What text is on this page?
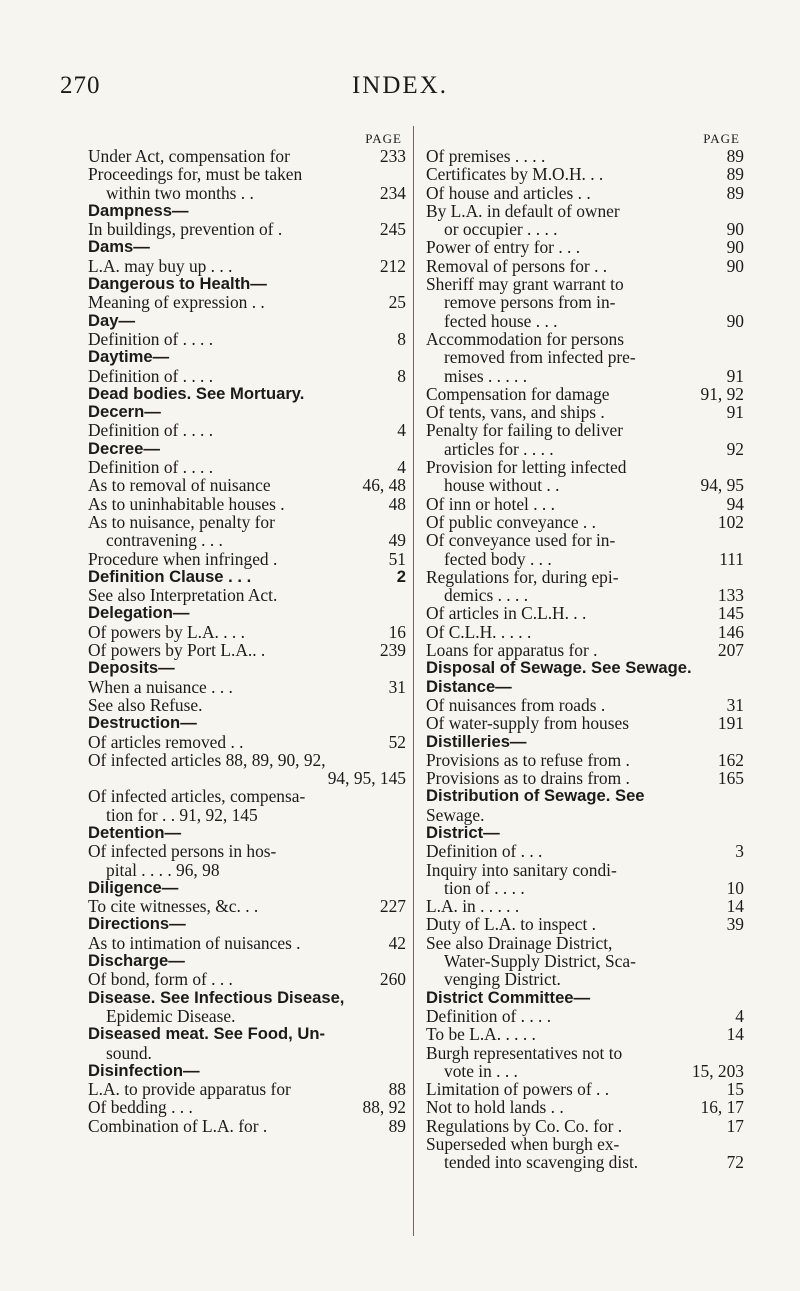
270	INDEX.
PAGE
Under Act, compensation for	233
Proceedings for, must be taken
within two months . .	234
Dampness—
In buildings, prevention of .	245
Dams—
L.A. may buy up . . .	212
Dangerous to Health—
Meaning of expression . .	25
Day—
Definition of . . . .	8
Daytime—
Definition of . . . .	8
Dead bodies. See Mortuary.
Decern—
Definition of . . . .	4
Decree—
Definition of . . . .	4
As to removal of nuisance	46, 48
As to uninhabitable houses .	48
As to nuisance, penalty for
contravening . . .	49
Procedure when infringed .	51
Definition Clause . . .	2
See also Interpretation Act.
Delegation—
Of powers by L.A. . . .	16
Of powers by Port L.A.. .	239
Deposits—
When a nuisance . . .	31
See also Refuse.
Destruction—
Of articles removed . .	52
Of infected articles 88, 89, 90, 92,
94, 95, 145
Of infected articles, compensa-
tion for . . 91, 92, 145
Detention—
Of infected persons in hos-
pital . . . . 96, 98
Diligence—
To cite witnesses, &c. . .	227
Directions—
As to intimation of nuisances .	42
Discharge—
Of bond, form of . . .	260
Disease. See Infectious Disease,
Epidemic Disease.
Diseased meat. See Food, Un-
sound.
Disinfection—
L.A. to provide apparatus for	88
Of bedding . . .	88, 92
Combination of L.A. for .	89
PAGE
Of premises . . . .	89
Certificates by M.O.H. . .	89
Of house and articles . .	89
By L.A. in default of owner
or occupier . . . .	90
Power of entry for . . .	90
Removal of persons for . .	90
Sheriff may grant warrant to
remove persons from in-
fected house . . .	90
Accommodation for persons
removed from infected pre-
mises . . . . .	91
Compensation for damage	91, 92
Of tents, vans, and ships .	91
Penalty for failing to deliver
articles for . . . .	92
Provision for letting infected
house without . .	94, 95
Of inn or hotel . . .	94
Of public conveyance . .	102
Of conveyance used for in-
fected body . . .	111
Regulations for, during epi-
demics . . . .	133
Of articles in C.L.H. . .	145
Of C.L.H. . . . .	146
Loans for apparatus for .	207
Disposal of Sewage. See Sewage.
Distance—
Of nuisances from roads .	31
Of water-supply from houses	191
Distilleries—
Provisions as to refuse from .	162
Provisions as to drains from .	165
Distribution of Sewage. See
Sewage.
District—
Definition of . . .	3
Inquiry into sanitary condi-
tion of . . . .	10
L.A. in . . . . .	14
Duty of L.A. to inspect .	39
See also Drainage District,
Water-Supply District, Sca-
venging District.
District Committee—
Definition of . . . .	4
To be L.A. . . . .	14
Burgh representatives not to
vote in . . .	15, 203
Limitation of powers of . .	15
Not to hold lands . .	16, 17
Regulations by Co. Co. for .	17
Superseded when burgh ex-
tended into scavenging dist.	72
